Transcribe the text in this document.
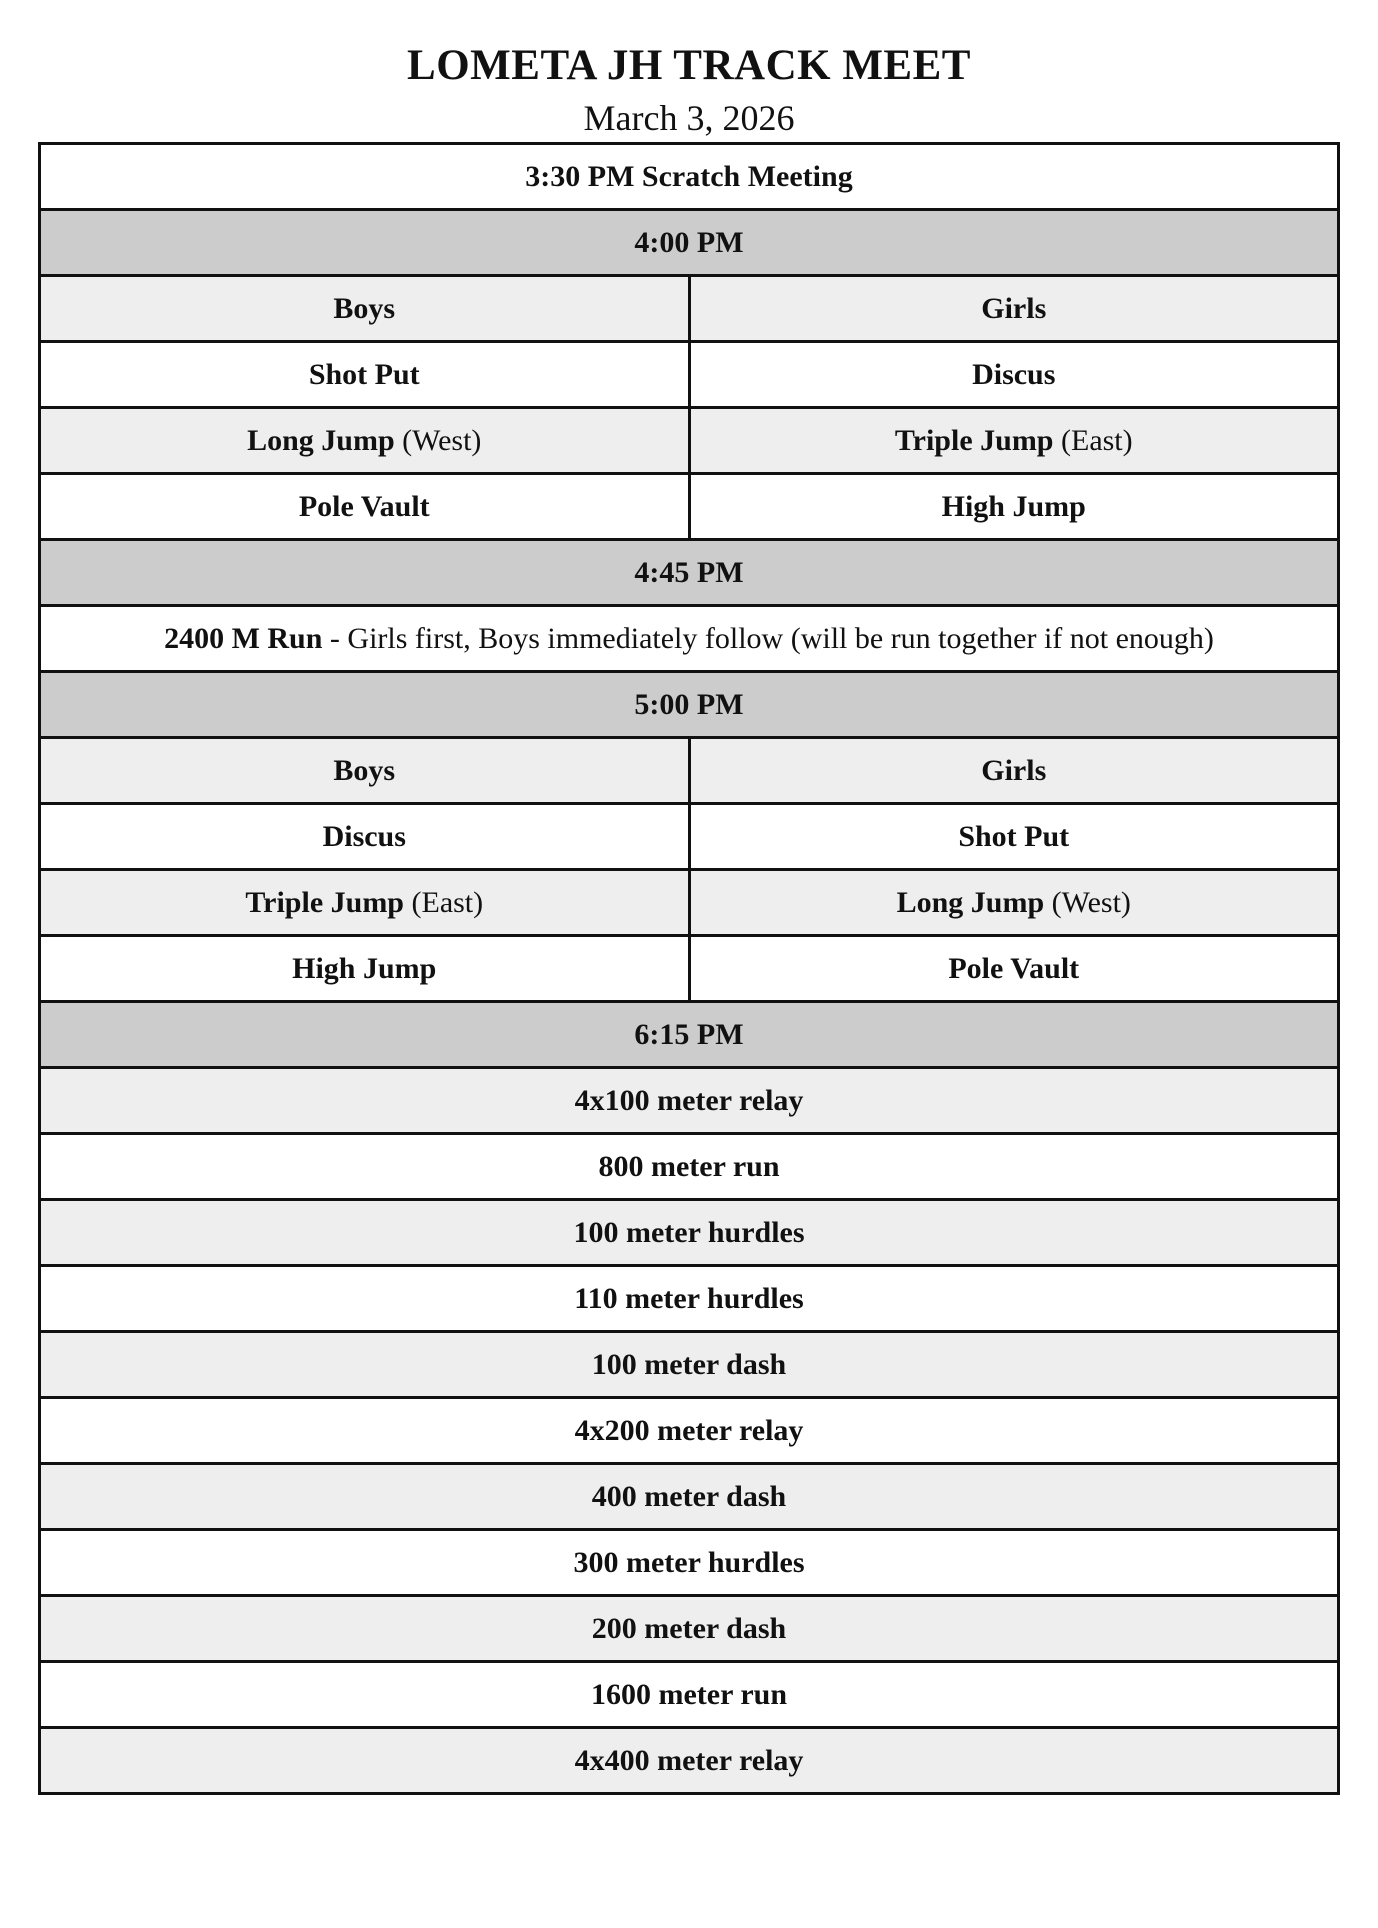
LOMETA JH TRACK MEET
March 3, 2026
3:30 PM Scratch Meeting	
4:00 PM	
Boys	Girls
Shot Put	Discus
Long Jump (West)	Triple Jump (East)
Pole Vault	High Jump
4:45 PM	
2400 M Run - Girls first, Boys immediately follow (will be run together if not enough)	
5:00 PM	
Boys	Girls
Discus	Shot Put
Triple Jump (East)	Long Jump (West)
High Jump	Pole Vault
6:15 PM	
4x100 meter relay	
800 meter run	
100 meter hurdles	
110 meter hurdles	
100 meter dash	
4x200 meter relay	
400 meter dash	
300 meter hurdles	
200 meter dash	
1600 meter run	
4x400 meter relay	
